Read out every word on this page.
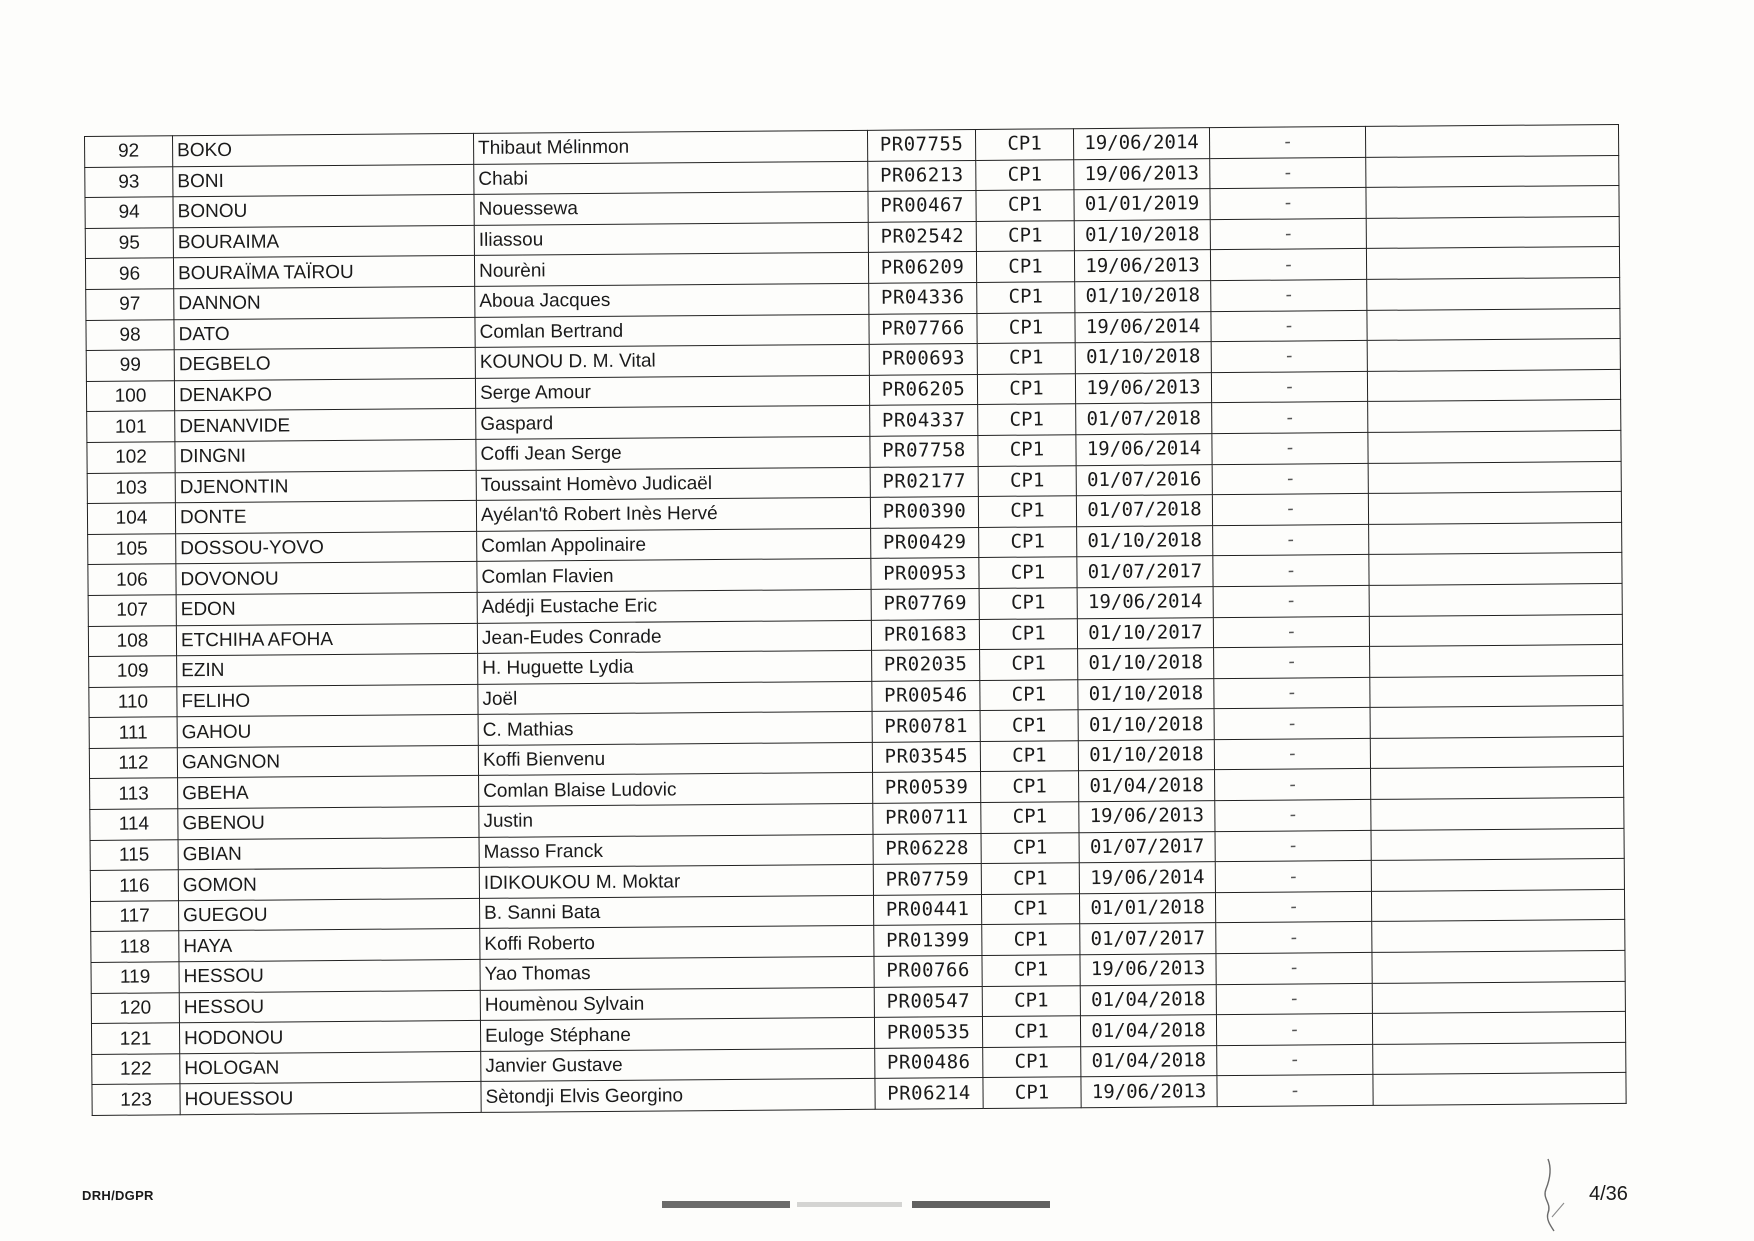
92	BOKO	Thibaut Mélinmon	PR07755	CP1	19/06/2014	-	
93	BONI	Chabi	PR06213	CP1	19/06/2013	-	
94	BONOU	Nouessewa	PR00467	CP1	01/01/2019	-	
95	BOURAIMA	Iliassou	PR02542	CP1	01/10/2018	-	
96	BOURAÏMA TAÏROU	Nourèni	PR06209	CP1	19/06/2013	-	
97	DANNON	Aboua Jacques	PR04336	CP1	01/10/2018	-	
98	DATO	Comlan Bertrand	PR07766	CP1	19/06/2014	-	
99	DEGBELO	KOUNOU D. M. Vital	PR00693	CP1	01/10/2018	-	
100	DENAKPO	Serge Amour	PR06205	CP1	19/06/2013	-	
101	DENANVIDE	Gaspard	PR04337	CP1	01/07/2018	-	
102	DINGNI	Coffi Jean Serge	PR07758	CP1	19/06/2014	-	
103	DJENONTIN	Toussaint Homèvo Judicaël	PR02177	CP1	01/07/2016	-	
104	DONTE	Ayélan'tô Robert Inès Hervé	PR00390	CP1	01/07/2018	-	
105	DOSSOU-YOVO	Comlan Appolinaire	PR00429	CP1	01/10/2018	-	
106	DOVONOU	Comlan Flavien	PR00953	CP1	01/07/2017	-	
107	EDON	Adédji Eustache Eric	PR07769	CP1	19/06/2014	-	
108	ETCHIHA AFOHA	Jean-Eudes Conrade	PR01683	CP1	01/10/2017	-	
109	EZIN	H. Huguette Lydia	PR02035	CP1	01/10/2018	-	
110	FELIHO	Joël	PR00546	CP1	01/10/2018	-	
111	GAHOU	C. Mathias	PR00781	CP1	01/10/2018	-	
112	GANGNON	Koffi Bienvenu	PR03545	CP1	01/10/2018	-	
113	GBEHA	Comlan Blaise Ludovic	PR00539	CP1	01/04/2018	-	
114	GBENOU	Justin	PR00711	CP1	19/06/2013	-	
115	GBIAN	Masso Franck	PR06228	CP1	01/07/2017	-	
116	GOMON	IDIKOUKOU M. Moktar	PR07759	CP1	19/06/2014	-	
117	GUEGOU	B. Sanni Bata	PR00441	CP1	01/01/2018	-	
118	HAYA	Koffi Roberto	PR01399	CP1	01/07/2017	-	
119	HESSOU	Yao Thomas	PR00766	CP1	19/06/2013	-	
120	HESSOU	Houmènou Sylvain	PR00547	CP1	01/04/2018	-	
121	HODONOU	Euloge Stéphane	PR00535	CP1	01/04/2018	-	
122	HOLOGAN	Janvier Gustave	PR00486	CP1	01/04/2018	-	
123	HOUESSOU	Sètondji Elvis Georgino	PR06214	CP1	19/06/2013	-	
DRH/DGPR	4/36
